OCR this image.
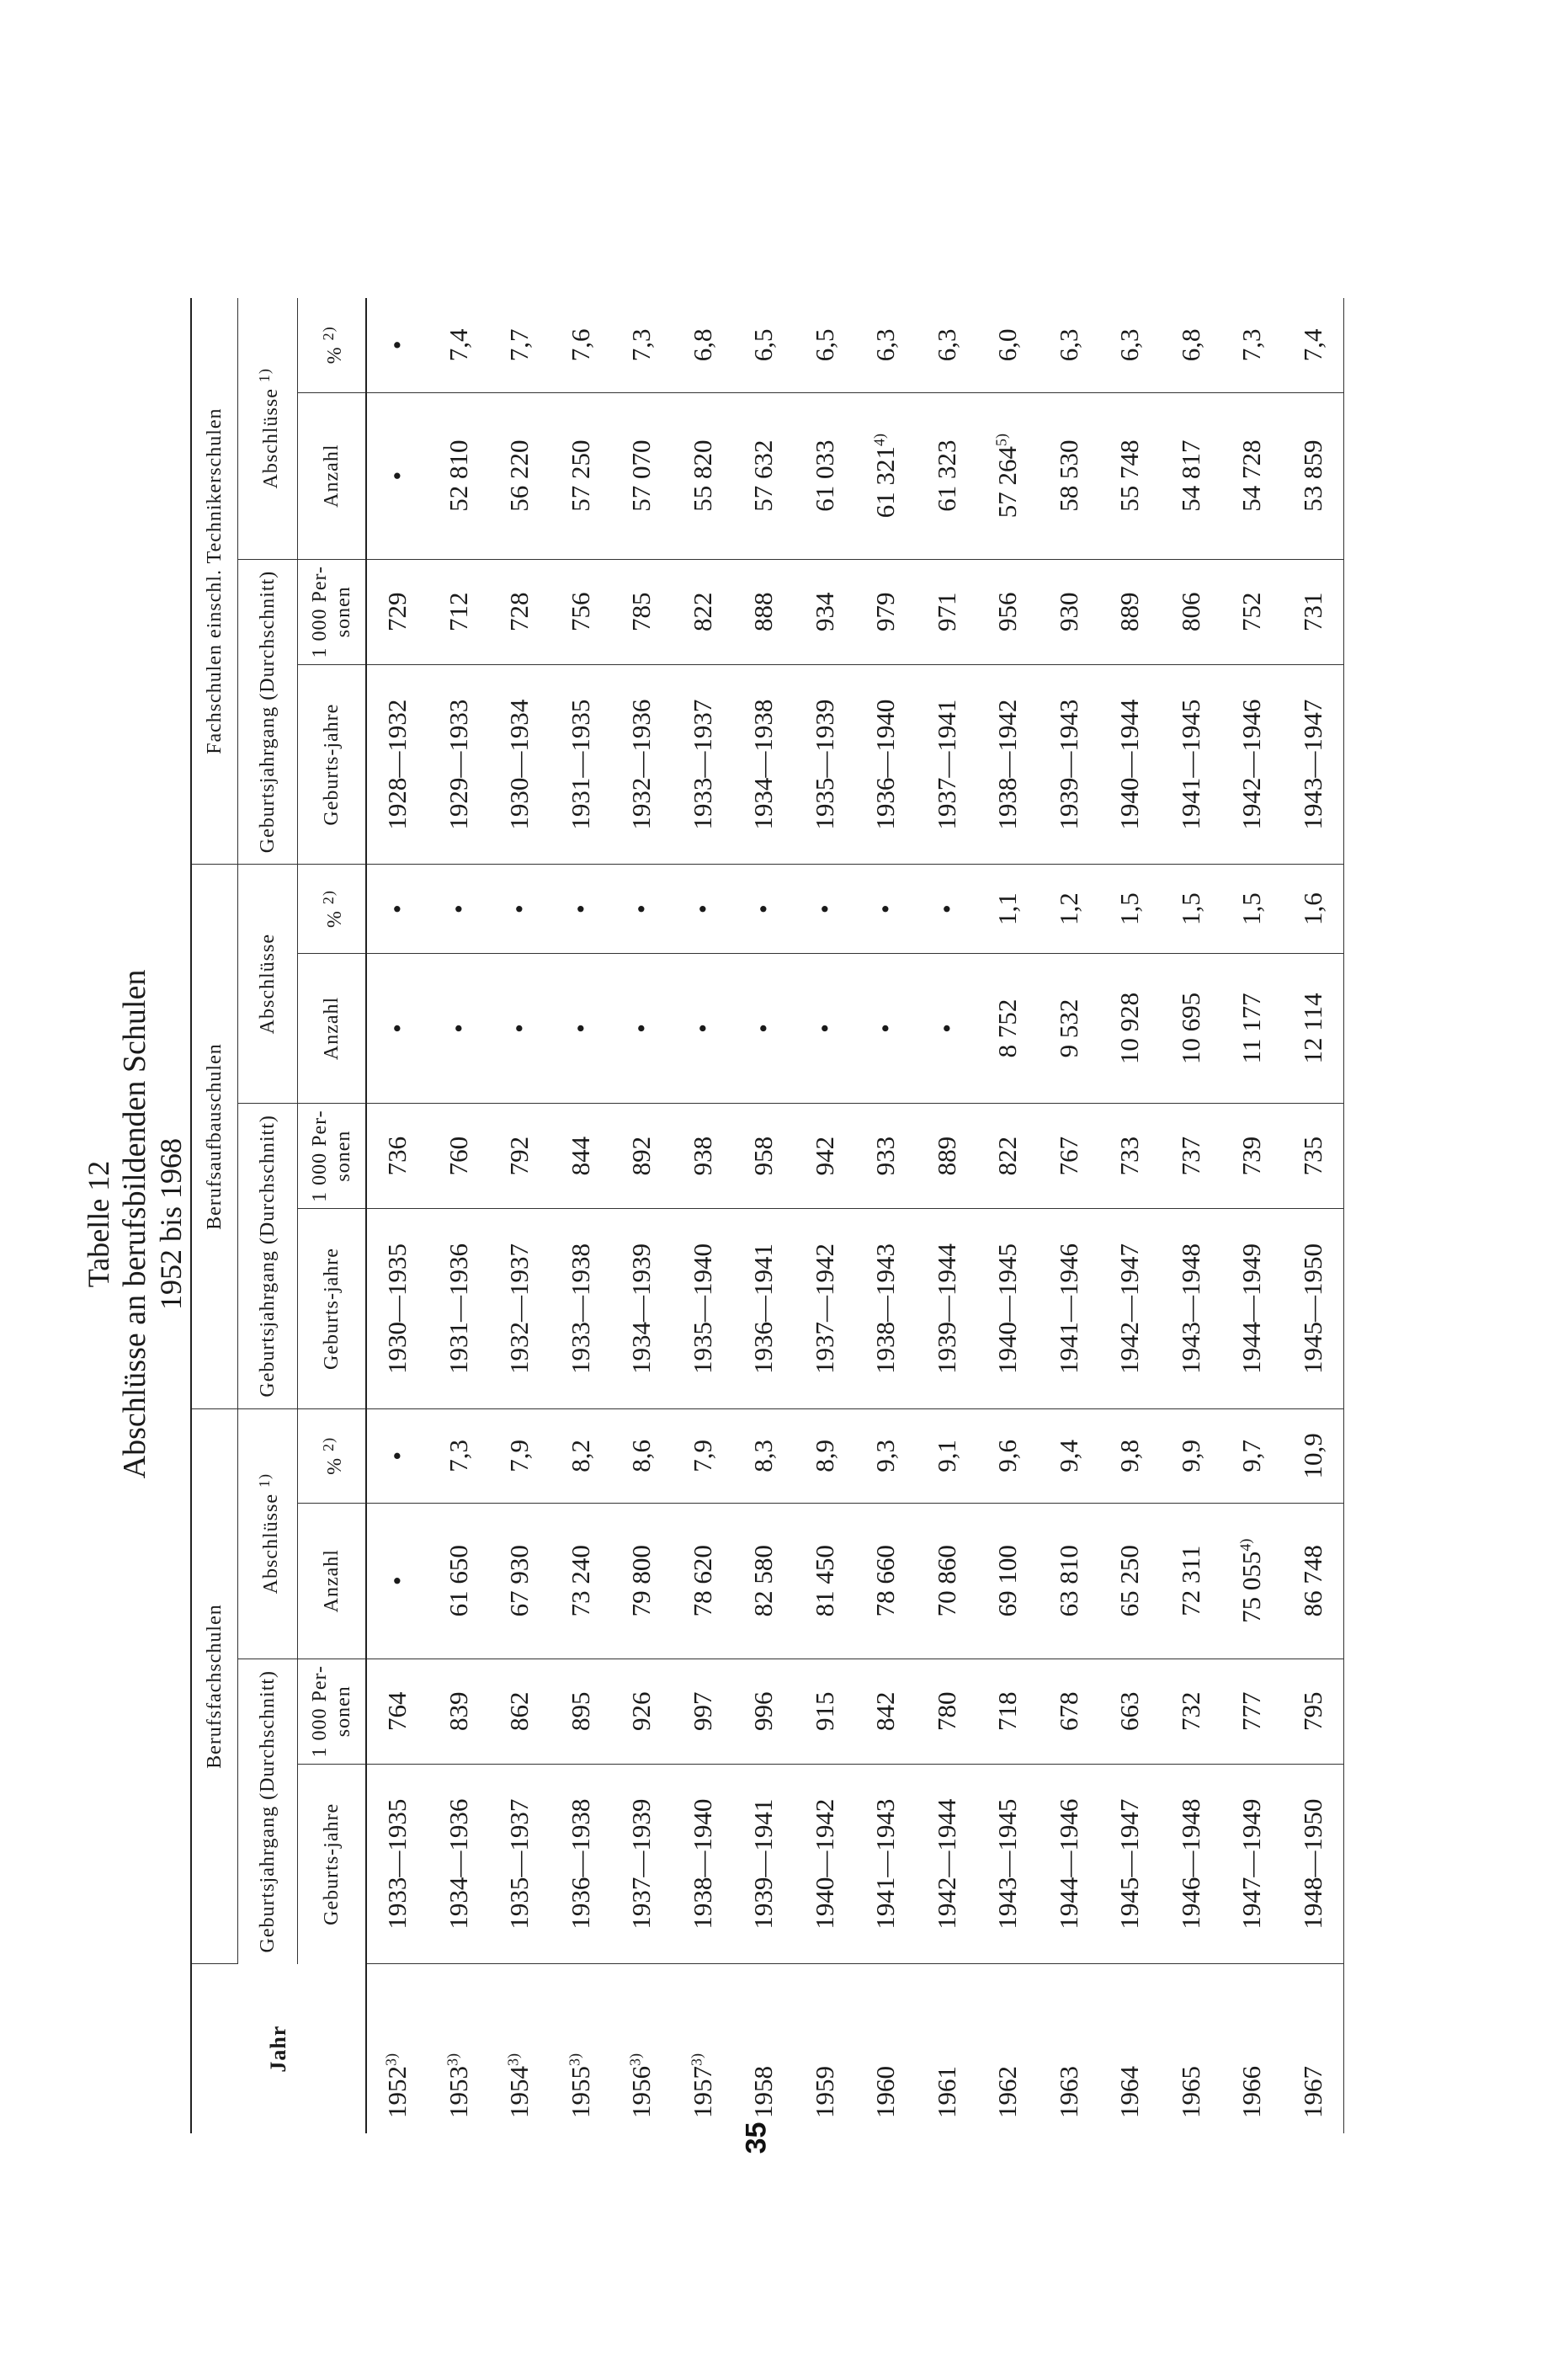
35
Tabelle 12 Abschlüsse an berufsbildenden Schulen 1952 bis 1968
Jahr	Berufsfachschulen				Berufsaufbauschulen				Fachschulen einschl. Technikerschulen			
	Geburtsjahrgang (Durchschnitt)		Abschlüsse $^{1)}$		Geburtsjahrgang (Durchschnitt)		Abschlüsse		Geburtsjahrgang (Durchschnitt)		Abschlüsse $^{1)}$
	Geburts-jahre	1 000 Per-sonen	Anzahl	% $^{2)}$	Geburts-jahre	1 000 Per-sonen	Anzahl	% $^{2)}$	Geburts-jahre	1 000 Per-sonen	Anzahl	% $^{2)}$
1952$^{3)}$	1933—1935	764	•	•	1930—1935	736	•	•	1928—1932	729	•	•
1953$^{3)}$	1934—1936	839	61 650	7,3	1931—1936	760	•	•	1929—1933	712	52 810	7,4
1954$^{3)}$	1935—1937	862	67 930	7,9	1932—1937	792	•	•	1930—1934	728	56 220	7,7
1955$^{3)}$	1936—1938	895	73 240	8,2	1933—1938	844	•	•	1931—1935	756	57 250	7,6
1956$^{3)}$	1937—1939	926	79 800	8,6	1934—1939	892	•	•	1932—1936	785	57 070	7,3
1957$^{3)}$	1938—1940	997	78 620	7,9	1935—1940	938	•	•	1933—1937	822	55 820	6,8
1958	1939—1941	996	82 580	8,3	1936—1941	958	•	•	1934—1938	888	57 632	6,5
1959	1940—1942	915	81 450	8,9	1937—1942	942	•	•	1935—1939	934	61 033	6,5
1960	1941—1943	842	78 660	9,3	1938—1943	933	•	•	1936—1940	979	61 321$^{4)}$	6,3
1961	1942—1944	780	70 860	9,1	1939—1944	889	•	•	1937—1941	971	61 323	6,3
1962	1943—1945	718	69 100	9,6	1940—1945	822	8 752	1,1	1938—1942	956	57 264$^{5)}$	6,0
1963	1944—1946	678	63 810	9,4	1941—1946	767	9 532	1,2	1939—1943	930	58 530	6,3
1964	1945—1947	663	65 250	9,8	1942—1947	733	10 928	1,5	1940—1944	889	55 748	6,3
1965	1946—1948	732	72 311	9,9	1943—1948	737	10 695	1,5	1941—1945	806	54 817	6,8
1966	1947—1949	777	75 055$^{4)}$	9,7	1944—1949	739	11 177	1,5	1942—1946	752	54 728	7,3
1967	1948—1950	795	86 748	10,9	1945—1950	735	12 114	1,6	1943—1947	731	53 859	7,4
